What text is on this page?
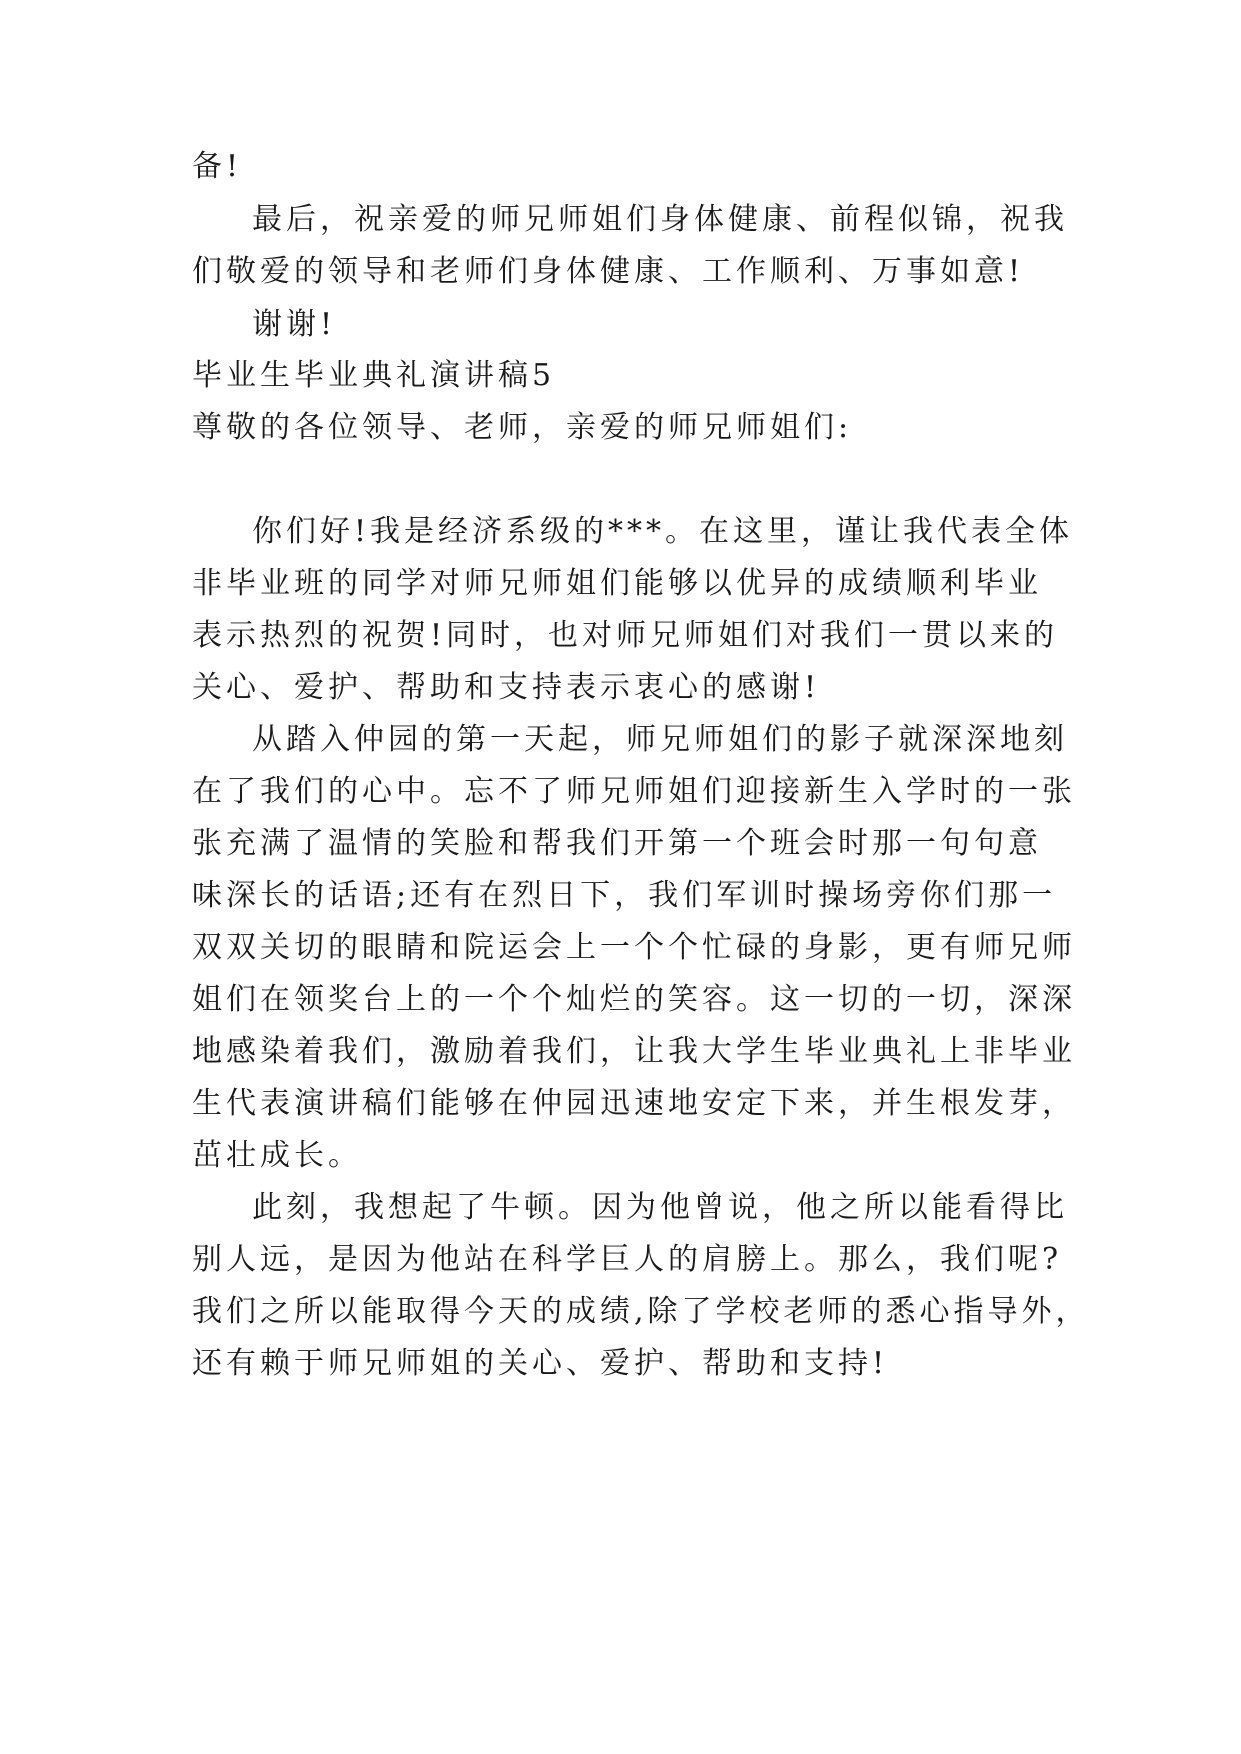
备!
最后，祝亲爱的师兄师姐们身体健康、前程似锦，祝我
们敬爱的领导和老师们身体健康、工作顺利、万事如意!
谢谢!
毕业生毕业典礼演讲稿5
尊敬的各位领导、老师，亲爱的师兄师姐们:
你们好!我是经济系级的***。在这里，谨让我代表全体
非毕业班的同学对师兄师姐们能够以优异的成绩顺利毕业
表示热烈的祝贺!同时，也对师兄师姐们对我们一贯以来的
关心、爱护、帮助和支持表示衷心的感谢!
从踏入仲园的第一天起，师兄师姐们的影子就深深地刻
在了我们的心中。忘不了师兄师姐们迎接新生入学时的一张
张充满了温情的笑脸和帮我们开第一个班会时那一句句意
味深长的话语;还有在烈日下，我们军训时操场旁你们那一
双双关切的眼睛和院运会上一个个忙碌的身影，更有师兄师
姐们在领奖台上的一个个灿烂的笑容。这一切的一切，深深
地感染着我们，激励着我们，让我大学生毕业典礼上非毕业
生代表演讲稿们能够在仲园迅速地安定下来，并生根发芽，
茁壮成长。
此刻，我想起了牛顿。因为他曾说，他之所以能看得比
别人远，是因为他站在科学巨人的肩膀上。那么，我们呢?
我们之所以能取得今天的成绩,除了学校老师的悉心指导外，
还有赖于师兄师姐的关心、爱护、帮助和支持!
